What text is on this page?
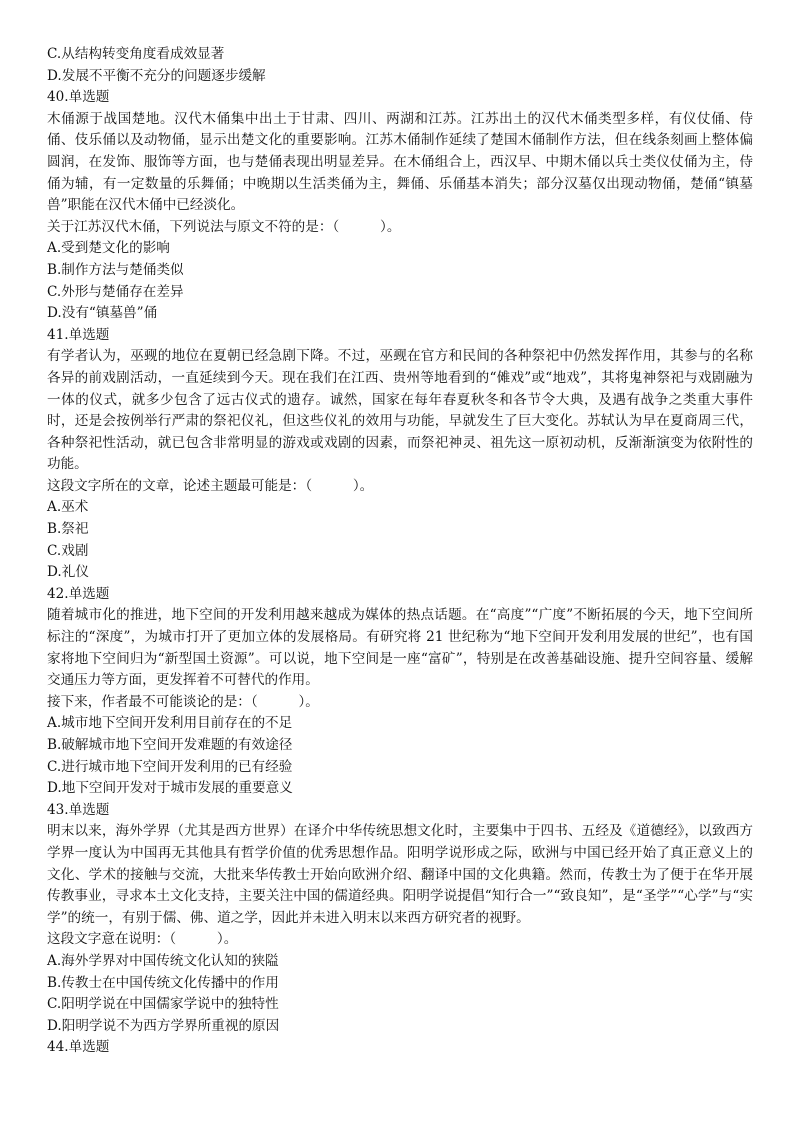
C.从结构转变角度看成效显著
D.发展不平衡不充分的问题逐步缓解
40.单选题
木俑源于战国楚地。汉代木俑集中出土于甘肃、四川、两湖和江苏。江苏出土的汉代木俑类型多样，有仪仗俑、侍俑、伎乐俑以及动物俑，显示出楚文化的重要影响。江苏木俑制作延续了楚国木俑制作方法，但在线条刻画上整体偏圆润，在发饰、服饰等方面，也与楚俑表现出明显差异。在木俑组合上，西汉早、中期木俑以兵士类仪仗俑为主，侍俑为辅，有一定数量的乐舞俑；中晚期以生活类俑为主，舞俑、乐俑基本消失；部分汉墓仅出现动物俑，楚俑“镇墓兽”职能在汉代木俑中已经淡化。
关于江苏汉代木俑，下列说法与原文不符的是：（　　　）。
A.受到楚文化的影响
B.制作方法与楚俑类似
C.外形与楚俑存在差异
D.没有“镇墓兽”俑
41.单选题
有学者认为，巫觋的地位在夏朝已经急剧下降。不过，巫觋在官方和民间的各种祭祀中仍然发挥作用，其参与的名称各异的前戏剧活动，一直延续到今天。现在我们在江西、贵州等地看到的“傩戏”或“地戏”，其将鬼神祭祀与戏剧融为一体的仪式，就多少包含了远古仪式的遗存。诚然，国家在每年春夏秋冬和各节令大典，及遇有战争之类重大事件时，还是会按例举行严肃的祭祀仪礼，但这些仪礼的效用与功能，早就发生了巨大变化。苏轼认为早在夏商周三代，各种祭祀性活动，就已包含非常明显的游戏或戏剧的因素，而祭祀神灵、祖先这一原初动机，反渐渐演变为依附性的功能。
这段文字所在的文章，论述主题最可能是：（　　　）。
A.巫术
B.祭祀
C.戏剧
D.礼仪
42.单选题
随着城市化的推进，地下空间的开发利用越来越成为媒体的热点话题。在“高度”“广度”不断拓展的今天，地下空间所标注的“深度”，为城市打开了更加立体的发展格局。有研究将 21 世纪称为“地下空间开发利用发展的世纪”，也有国家将地下空间归为“新型国土资源”。可以说，地下空间是一座“富矿”，特别是在改善基础设施、提升空间容量、缓解交通压力等方面，更发挥着不可替代的作用。
接下来，作者最不可能谈论的是：（　　　）。
A.城市地下空间开发利用目前存在的不足
B.破解城市地下空间开发难题的有效途径
C.进行城市地下空间开发利用的已有经验
D.地下空间开发对于城市发展的重要意义
43.单选题
明末以来，海外学界（尤其是西方世界）在译介中华传统思想文化时，主要集中于四书、五经及《道德经》，以致西方学界一度认为中国再无其他具有哲学价值的优秀思想作品。阳明学说形成之际，欧洲与中国已经开始了真正意义上的文化、学术的接触与交流，大批来华传教士开始向欧洲介绍、翻译中国的文化典籍。然而，传教士为了便于在华开展传教事业，寻求本土文化支持，主要关注中国的儒道经典。阳明学说提倡“知行合一”“致良知”，是“圣学”“心学”与“实学”的统一，有别于儒、佛、道之学，因此并未进入明末以来西方研究者的视野。
这段文字意在说明：（　　　）。
A.海外学界对中国传统文化认知的狭隘
B.传教士在中国传统文化传播中的作用
C.阳明学说在中国儒家学说中的独特性
D.阳明学说不为西方学界所重视的原因
44.单选题
